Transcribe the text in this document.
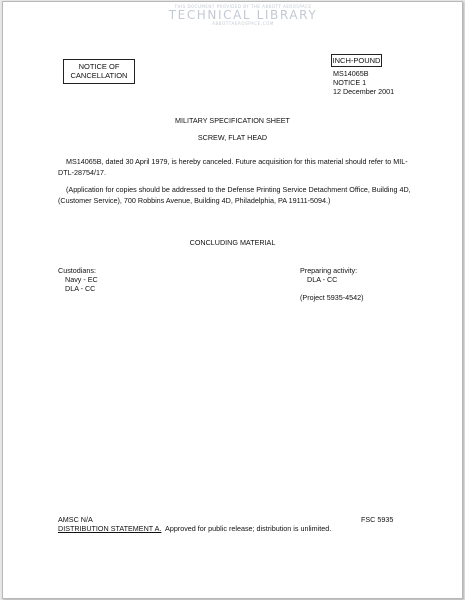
THIS DOCUMENT PROVIDED BY THE ABBOTT AEROSPACE
TECHNICAL LIBRARY
ABBOTTAEROSPACE.COM
NOTICE OF
CANCELLATION
INCH-POUND
MS14065B
NOTICE 1
12 December 2001
MILITARY SPECIFICATION SHEET
SCREW, FLAT HEAD
MS14065B, dated 30 April 1979, is hereby canceled. Future acquisition for this material should refer to MIL-DTL-28754/17.
(Application for copies should be addressed to the Defense Printing Service Detachment Office, Building 4D, (Customer Service), 700 Robbins Avenue, Building 4D, Philadelphia, PA 19111-5094.)
CONCLUDING MATERIAL
Custodians:
Navy - EC
DLA - CC
Preparing activity:
DLA - CC
(Project 5935-4542)
AMSC N/A	FSC 5935
DISTRIBUTION STATEMENT A.  Approved for public release; distribution is unlimited.
